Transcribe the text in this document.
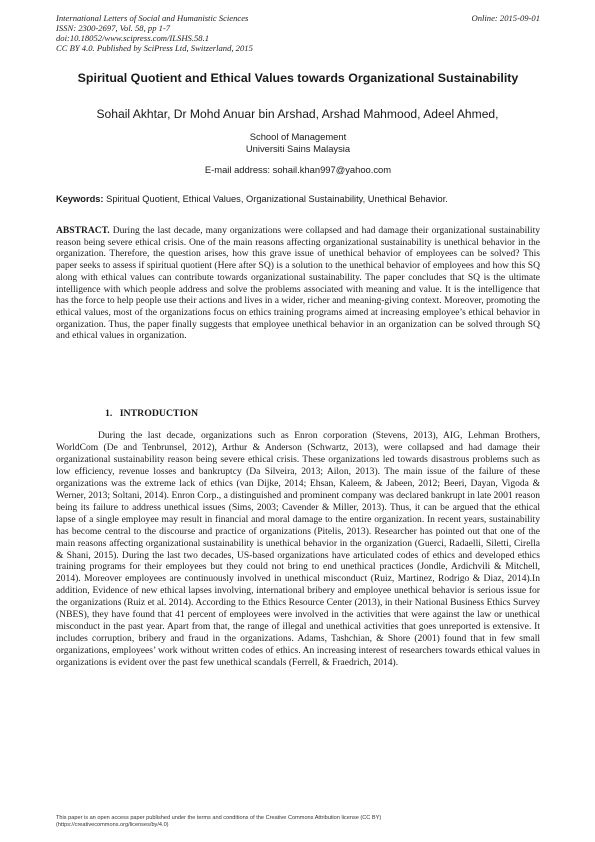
International Letters of Social and Humanistic Sciences
ISSN: 2300-2697, Vol. 58, pp 1-7
doi:10.18052/www.scipress.com/ILSHS.58.1
CC BY 4.0. Published by SciPress Ltd, Switzerland, 2015
Online: 2015-09-01
Spiritual Quotient and Ethical Values towards Organizational Sustainability
Sohail Akhtar, Dr Mohd Anuar bin Arshad, Arshad Mahmood, Adeel Ahmed,
School of Management
Universiti Sains Malaysia
E-mail address: sohail.khan997@yahoo.com
Keywords: Spiritual Quotient, Ethical Values, Organizational Sustainability, Unethical Behavior.
ABSTRACT. During the last decade, many organizations were collapsed and had damage their organizational sustainability reason being severe ethical crisis. One of the main reasons affecting organizational sustainability is unethical behavior in the organization. Therefore, the question arises, how this grave issue of unethical behavior of employees can be solved? This paper seeks to assess if spiritual quotient (Here after SQ) is a solution to the unethical behavior of employees and how this SQ along with ethical values can contribute towards organizational sustainability. The paper concludes that SQ is the ultimate intelligence with which people address and solve the problems associated with meaning and value. It is the intelligence that has the force to help people use their actions and lives in a wider, richer and meaning-giving context. Moreover, promoting the ethical values, most of the organizations focus on ethics training programs aimed at increasing employee’s ethical behavior in organization. Thus, the paper finally suggests that employee unethical behavior in an organization can be solved through SQ and ethical values in organization.
1. INTRODUCTION
During the last decade, organizations such as Enron corporation (Stevens, 2013), AIG, Lehman Brothers, WorldCom (De and Tenbrunsel, 2012), Arthur & Anderson (Schwartz, 2013), were collapsed and had damage their organizational sustainability reason being severe ethical crisis. These organizations led towards disastrous problems such as low efficiency, revenue losses and bankruptcy (Da Silveira, 2013; Ailon, 2013). The main issue of the failure of these organizations was the extreme lack of ethics (van Dijke, 2014; Ehsan, Kaleem, & Jabeen, 2012; Beeri, Dayan, Vigoda & Werner, 2013; Soltani, 2014). Enron Corp., a distinguished and prominent company was declared bankrupt in late 2001 reason being its failure to address unethical issues (Sims, 2003; Cavender & Miller, 2013). Thus, it can be argued that the ethical lapse of a single employee may result in financial and moral damage to the entire organization. In recent years, sustainability has become central to the discourse and practice of organizations (Pitelis, 2013). Researcher has pointed out that one of the main reasons affecting organizational sustainability is unethical behavior in the organization (Guerci, Radaelli, Siletti, Cirella & Shani, 2015). During the last two decades, US-based organizations have articulated codes of ethics and developed ethics training programs for their employees but they could not bring to end unethical practices (Jondle, Ardichvili & Mitchell, 2014). Moreover employees are continuously involved in unethical misconduct (Ruiz, Martinez, Rodrigo & Diaz, 2014).In addition, Evidence of new ethical lapses involving, international bribery and employee unethical behavior is serious issue for the organizations (Ruiz et al. 2014). According to the Ethics Resource Center (2013), in their National Business Ethics Survey (NBES), they have found that 41 percent of employees were involved in the activities that were against the law or unethical misconduct in the past year. Apart from that, the range of illegal and unethical activities that goes unreported is extensive. It includes corruption, bribery and fraud in the organizations. Adams, Tashchian, & Shore (2001) found that in few small organizations, employees’ work without written codes of ethics. An increasing interest of researchers towards ethical values in organizations is evident over the past few unethical scandals (Ferrell, & Fraedrich, 2014).
This paper is an open access paper published under the terms and conditions of the Creative Commons Attribution license (CC BY)
(https://creativecommons.org/licenses/by/4.0)
